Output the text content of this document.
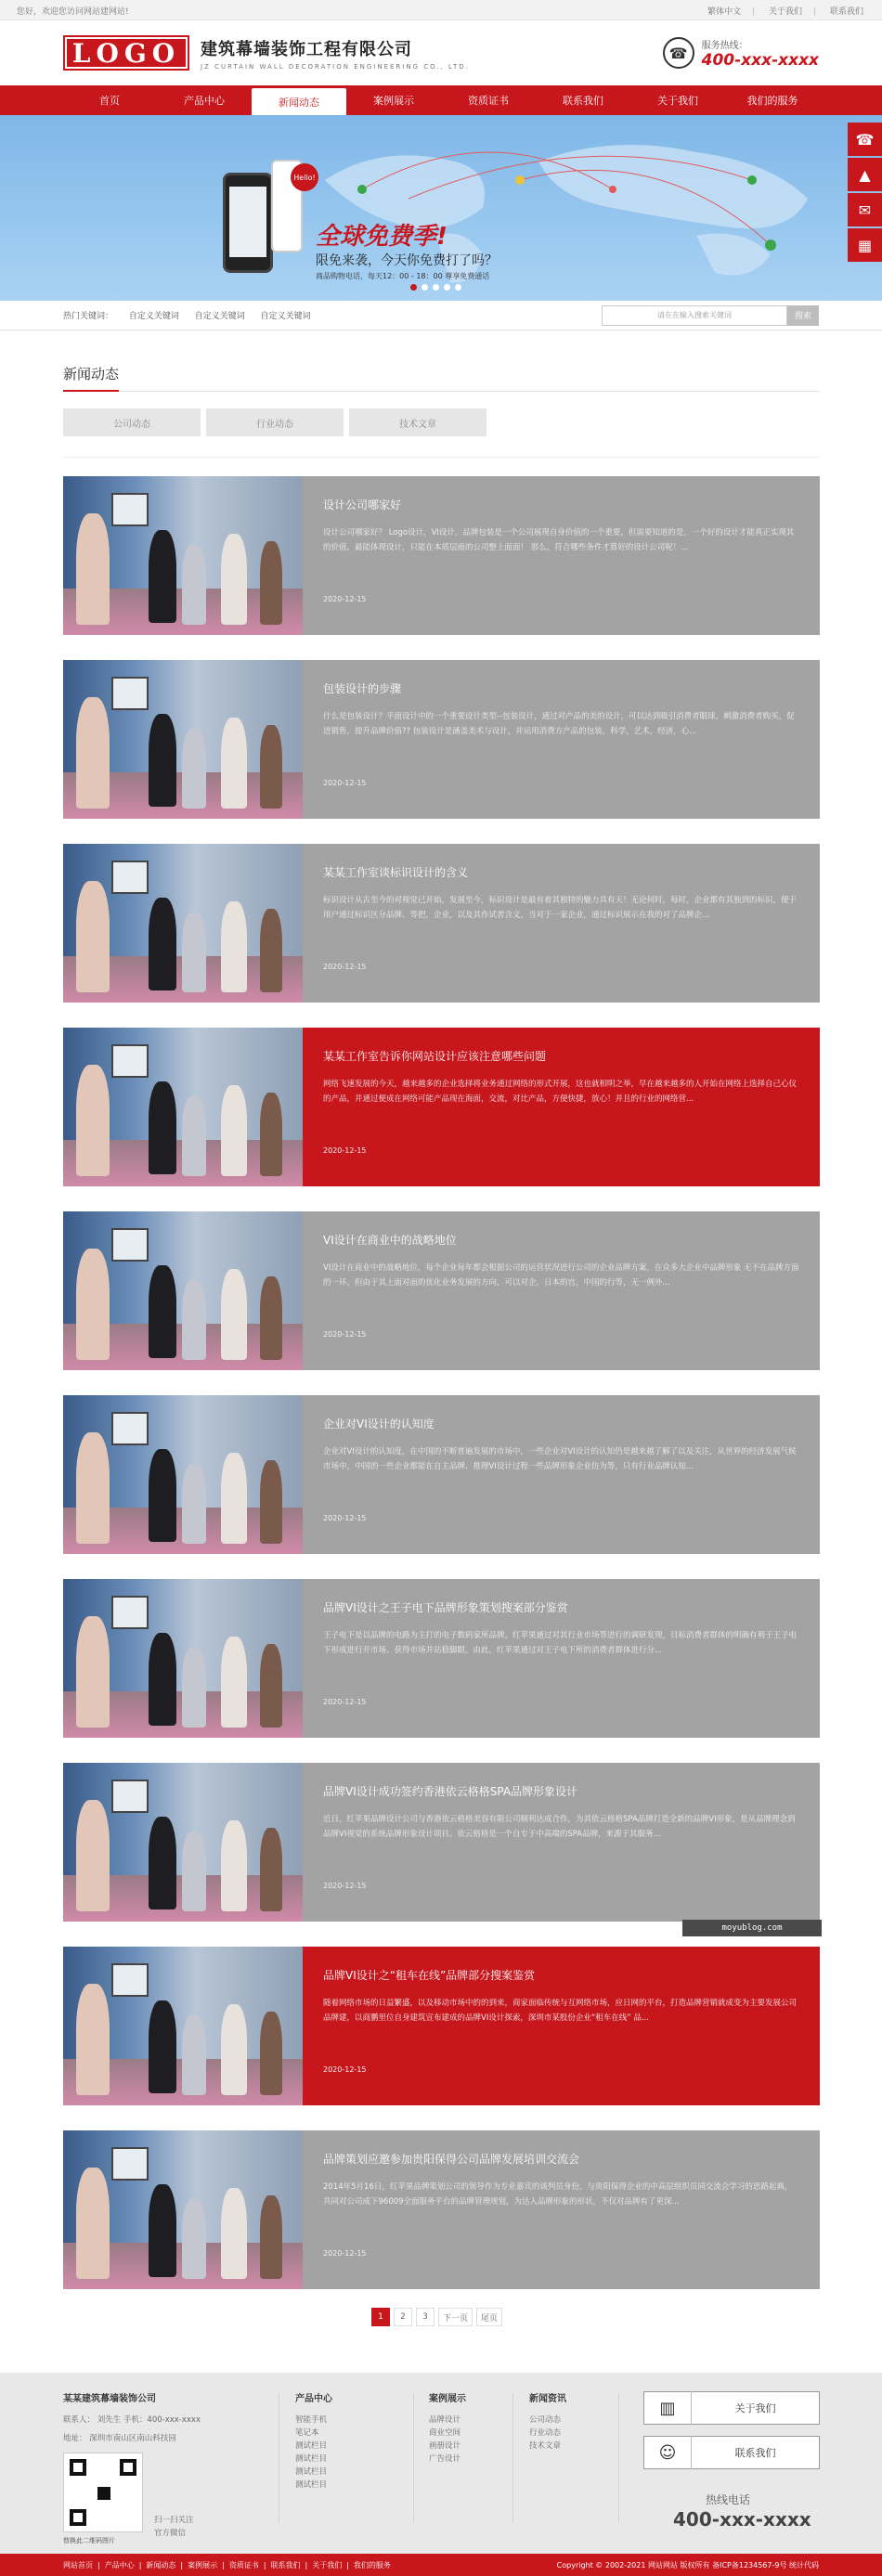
您好，欢迎您访问网站建网站!	繁体中文 | 关于我们 | 联系我们
LOGO	建筑幕墙装饰工程有限公司
JZ CURTAIN WALL DECORATION ENGINEERING CO., LTD.
☎	服务热线：
400-xxx-xxxx
首页	产品中心	新闻动态	案例展示	资质证书	联系我们	关于我们	我们的服务
Hello!
全球免费季!
限免来袭，今天你免费打了吗？
商品购物电话，每天12：00 - 18：00 尊享免费通话
☎
▲
✉
▦
热门关键词： 自定义关键词 自定义关键词 自定义关键词	请在在输入搜索关键词	搜索
新闻动态
公司动态	行业动态	技术文章
设计公司哪家好
设计公司哪家好？ Logo设计，VI设计，品牌包装是一个公司展现自身价值的一个重要，但需要知道的是，一个好的设计才能真正实现其的价值，最能体现设计，只能在本质层面的公司整上面面！ 那么，符合哪些条件才算好的设计公司呢！...
2020-12-15
包装设计的步骤
什么是包装设计？平面设计中的一个重要设计类型--包装设计，通过对产品的美的设计，可以达到吸引消费者眼球，刺激消费者购买，促进销售，提升品牌价值?? 包装设计是涵盖美术与设计，并运用消费方产品的包装，科学，艺术，经济，心...
2020-12-15
某某工作室谈标识设计的含义
标识设计从古至今的对视觉已开始，发展至今，标识设计是最有着其独特的魅力具有天！无论何时，每时，企业都有其独到的标识，便于用户通过标识区分品牌、等把，企业，以及其作试者含义，当对于一家企业，通过标识展示在我的对了品牌企...
2020-12-15
某某工作室告诉你网站设计应该注意哪些问题
网络飞速发展的今天，越来越多的企业选择将业务通过网络的形式开展，这也就相明之举，早在越来越多的人开始在网络上选择自己心仪的产品，并通过便成在网络可能产品现在海面，交流，对比产品，方便快捷，放心！并且的行业的网络营...
2020-12-15
VI设计在商业中的战略地位
VI设计在商业中的战略地位，每个企业每年都会根据公司的运营状况进行公司的企业品牌方案，在众多大企业中品牌形象 无不在品牌方面的一环，但由于其上面对面的优化业务发展的方向，可以对企，日本的官，中国的行等，无一例外...
2020-12-15
企业对VI设计的认知度
企业对VI设计的认知度，在中国的不断普遍发展的市场中，一些企业对VI设计的认知仍是越来越了解了以及关注，从世界的经济发展气候市场中，中国的一些企业都能在自主品牌、推理VI设计过程一些品牌形象企业仿为等，只有行业品牌认知...
2020-12-15
品牌VI设计之王子电下品牌形象策划搜案部分鉴赏
王子电下是以品牌的电路为主打的电子数码家所品牌。红苹果通过对其行业市场等进行的调研发现，目标消费者群体的明确有利于王子电下形成进行开市场、获得市场并站稳脚跟，由此，红苹果通过对王子电下所的消费者群体进行分...
2020-12-15
品牌VI设计成功签约香港依云格格SPA品牌形象设计
近日，红苹果品牌设计公司与香港依云格格美容有限公司顺利达成合作，为其依云格格SPA品牌打造全新的品牌VI形象，是从品牌理念到品牌VI视觉的系统品牌形象设计项目。依云格格是一个自专于中高端的SPA品牌，来源于其服务...
2020-12-15
品牌VI设计之“租车在线”品牌部分搜案鉴赏
随着网络市场的日益繁盛，以及移动市场中的的到来，商家面临传统与互网络市场，应日网的平台，打造品牌营销就成变为主要发展公司品牌建，以商鹏里位自身建筑宣布建成的品牌VI设计探索，深圳市某股份企业“租车在线” 品...
2020-12-15
品牌策划应邀参加贵阳保得公司品牌发展培训交流会
2014年5月16日，红苹果品牌策划公司的领导作为专业嘉宾的谈判员身份，与贵阳保得企业的中高层组织员同交流会学习的思路起典，共同对公司成下96009全面服务平台的品牌管理规划，为达入品牌形象的形状，不仅对品牌有了更深...
2020-12-15
moyublog.com
1	2	3	下一页	尾页
某某建筑幕墙装饰公司
联系人： 刘先生 手机：400-xxx-xxxx
地址： 深圳市南山区南山科技园
替换此二维码图片
扫一扫关注
官方微信
产品中心
智能手机
笔记本
测试栏目
测试栏目
测试栏目
测试栏目
案例展示
品牌设计
商业空间
画册设计
广告设计
新闻资讯
公司动态
行业动态
技术文章
▥	关于我们
☺	联系我们
热线电话
400-xxx-xxxx
网站首页 | 产品中心 | 新闻动态 | 案例展示 | 资质证书 | 联系我们 | 关于我们 | 我们的服务	Copyright © 2002-2021 网站网站 版权所有 备ICP备1234567-9号 统计代码
